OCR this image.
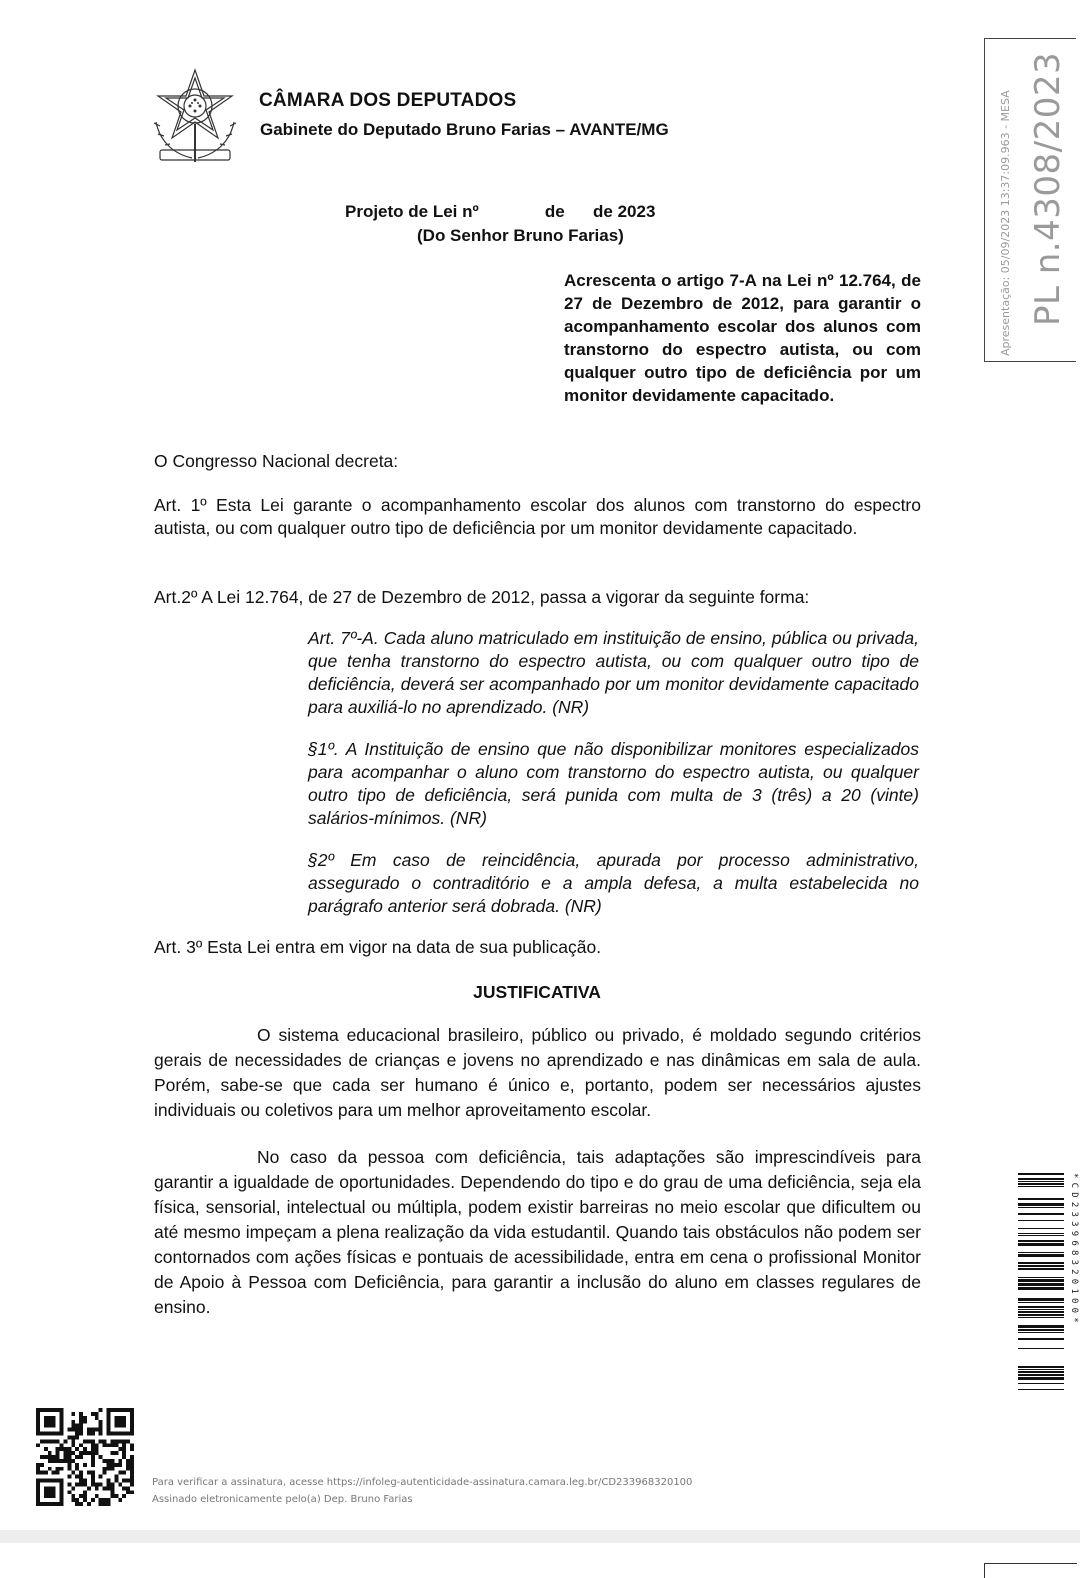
CÂMARA DOS DEPUTADOS
Gabinete do Deputado Bruno Farias – AVANTE/MG	Apresentação: 05/09/2023 13:37:09.963 - MESA PL n.4308/2023
Projeto de Lei nº              de      de 2023
(Do Senhor Bruno Farias)
Acrescenta o artigo 7-A na Lei nº 12.764, de 27 de Dezembro de 2012, para garantir o acompanhamento escolar dos alunos com transtorno do espectro autista, ou com qualquer outro tipo de deficiência por um monitor devidamente capacitado.
O Congresso Nacional decreta:
Art. 1º Esta Lei garante o acompanhamento escolar dos alunos com transtorno do espectro autista, ou com qualquer outro tipo de deficiência por um monitor devidamente capacitado.
Art.2º A Lei 12.764, de 27 de Dezembro de 2012, passa a vigorar da seguinte forma:
Art. 7º-A. Cada aluno matriculado em instituição de ensino, pública ou privada, que tenha transtorno do espectro autista, ou com qualquer outro tipo de deficiência, deverá ser acompanhado por um monitor devidamente capacitado para auxiliá-lo no aprendizado. (NR)
§1º. A Instituição de ensino que não disponibilizar monitores especializados para acompanhar o aluno com transtorno do espectro autista, ou qualquer outro tipo de deficiência, será punida com multa de 3 (três) a 20 (vinte) salários-mínimos. (NR)
§2º Em caso de reincidência, apurada por processo administrativo, assegurado o contraditório e a ampla defesa, a multa estabelecida no parágrafo anterior será dobrada. (NR)
Art. 3º Esta Lei entra em vigor na data de sua publicação.
JUSTIFICATIVA
O sistema educacional brasileiro, público ou privado, é moldado segundo critérios gerais de necessidades de crianças e jovens no aprendizado e nas dinâmicas em sala de aula. Porém, sabe-se que cada ser humano é único e, portanto, podem ser necessários ajustes individuais ou coletivos para um melhor aproveitamento escolar.
No caso da pessoa com deficiência, tais adaptações são imprescindíveis para garantir a igualdade de oportunidades. Dependendo do tipo e do grau de uma deficiência, seja ela física, sensorial, intelectual ou múltipla, podem existir barreiras no meio escolar que dificultem ou até mesmo impeçam a plena realização da vida estudantil. Quando tais obstáculos não podem ser contornados com ações físicas e pontuais de acessibilidade, entra em cena o profissional Monitor de Apoio à Pessoa com Deficiência, para garantir a inclusão do aluno em classes regulares de ensino.	*CD233968320100*
Para verificar a assinatura, acesse https://infoleg-autenticidade-assinatura.camara.leg.br/CD233968320100
Assinado eletronicamente pelo(a) Dep. Bruno Farias
